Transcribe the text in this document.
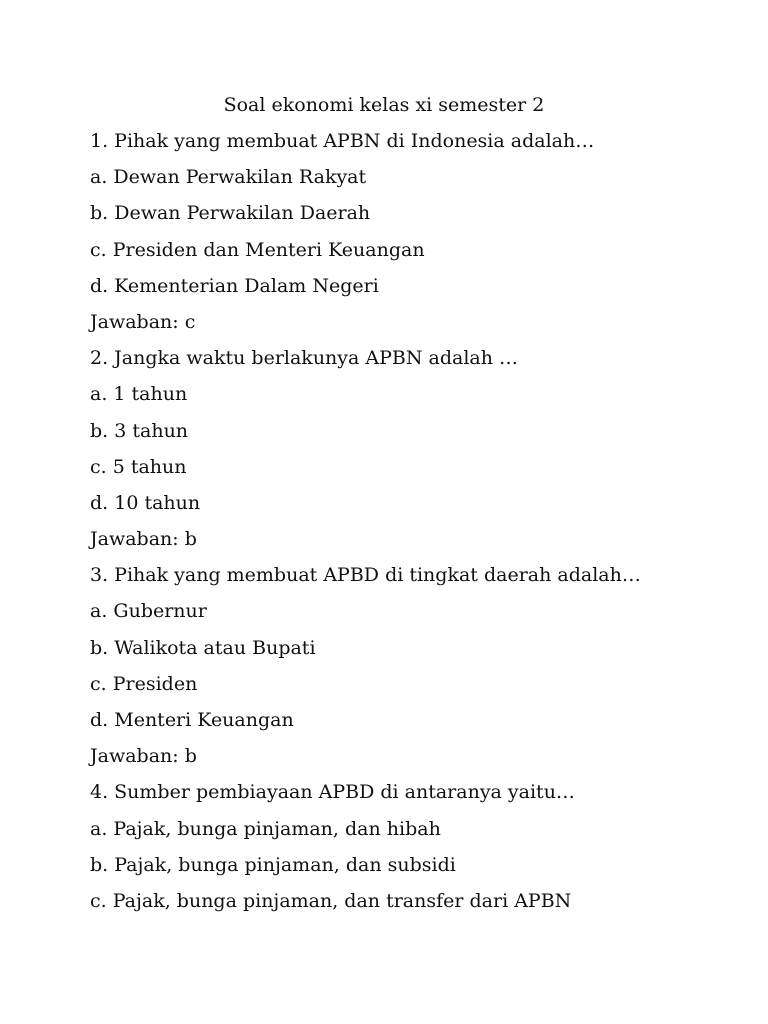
Soal ekonomi kelas xi semester 2
1. Pihak yang membuat APBN di Indonesia adalah…
a. Dewan Perwakilan Rakyat
b. Dewan Perwakilan Daerah
c. Presiden dan Menteri Keuangan
d. Kementerian Dalam Negeri
Jawaban: c
2. Jangka waktu berlakunya APBN adalah …
a. 1 tahun
b. 3 tahun
c. 5 tahun
d. 10 tahun
Jawaban: b
3. Pihak yang membuat APBD di tingkat daerah adalah…
a. Gubernur
b. Walikota atau Bupati
c. Presiden
d. Menteri Keuangan
Jawaban: b
4. Sumber pembiayaan APBD di antaranya yaitu…
a. Pajak, bunga pinjaman, dan hibah
b. Pajak, bunga pinjaman, dan subsidi
c. Pajak, bunga pinjaman, dan transfer dari APBN
